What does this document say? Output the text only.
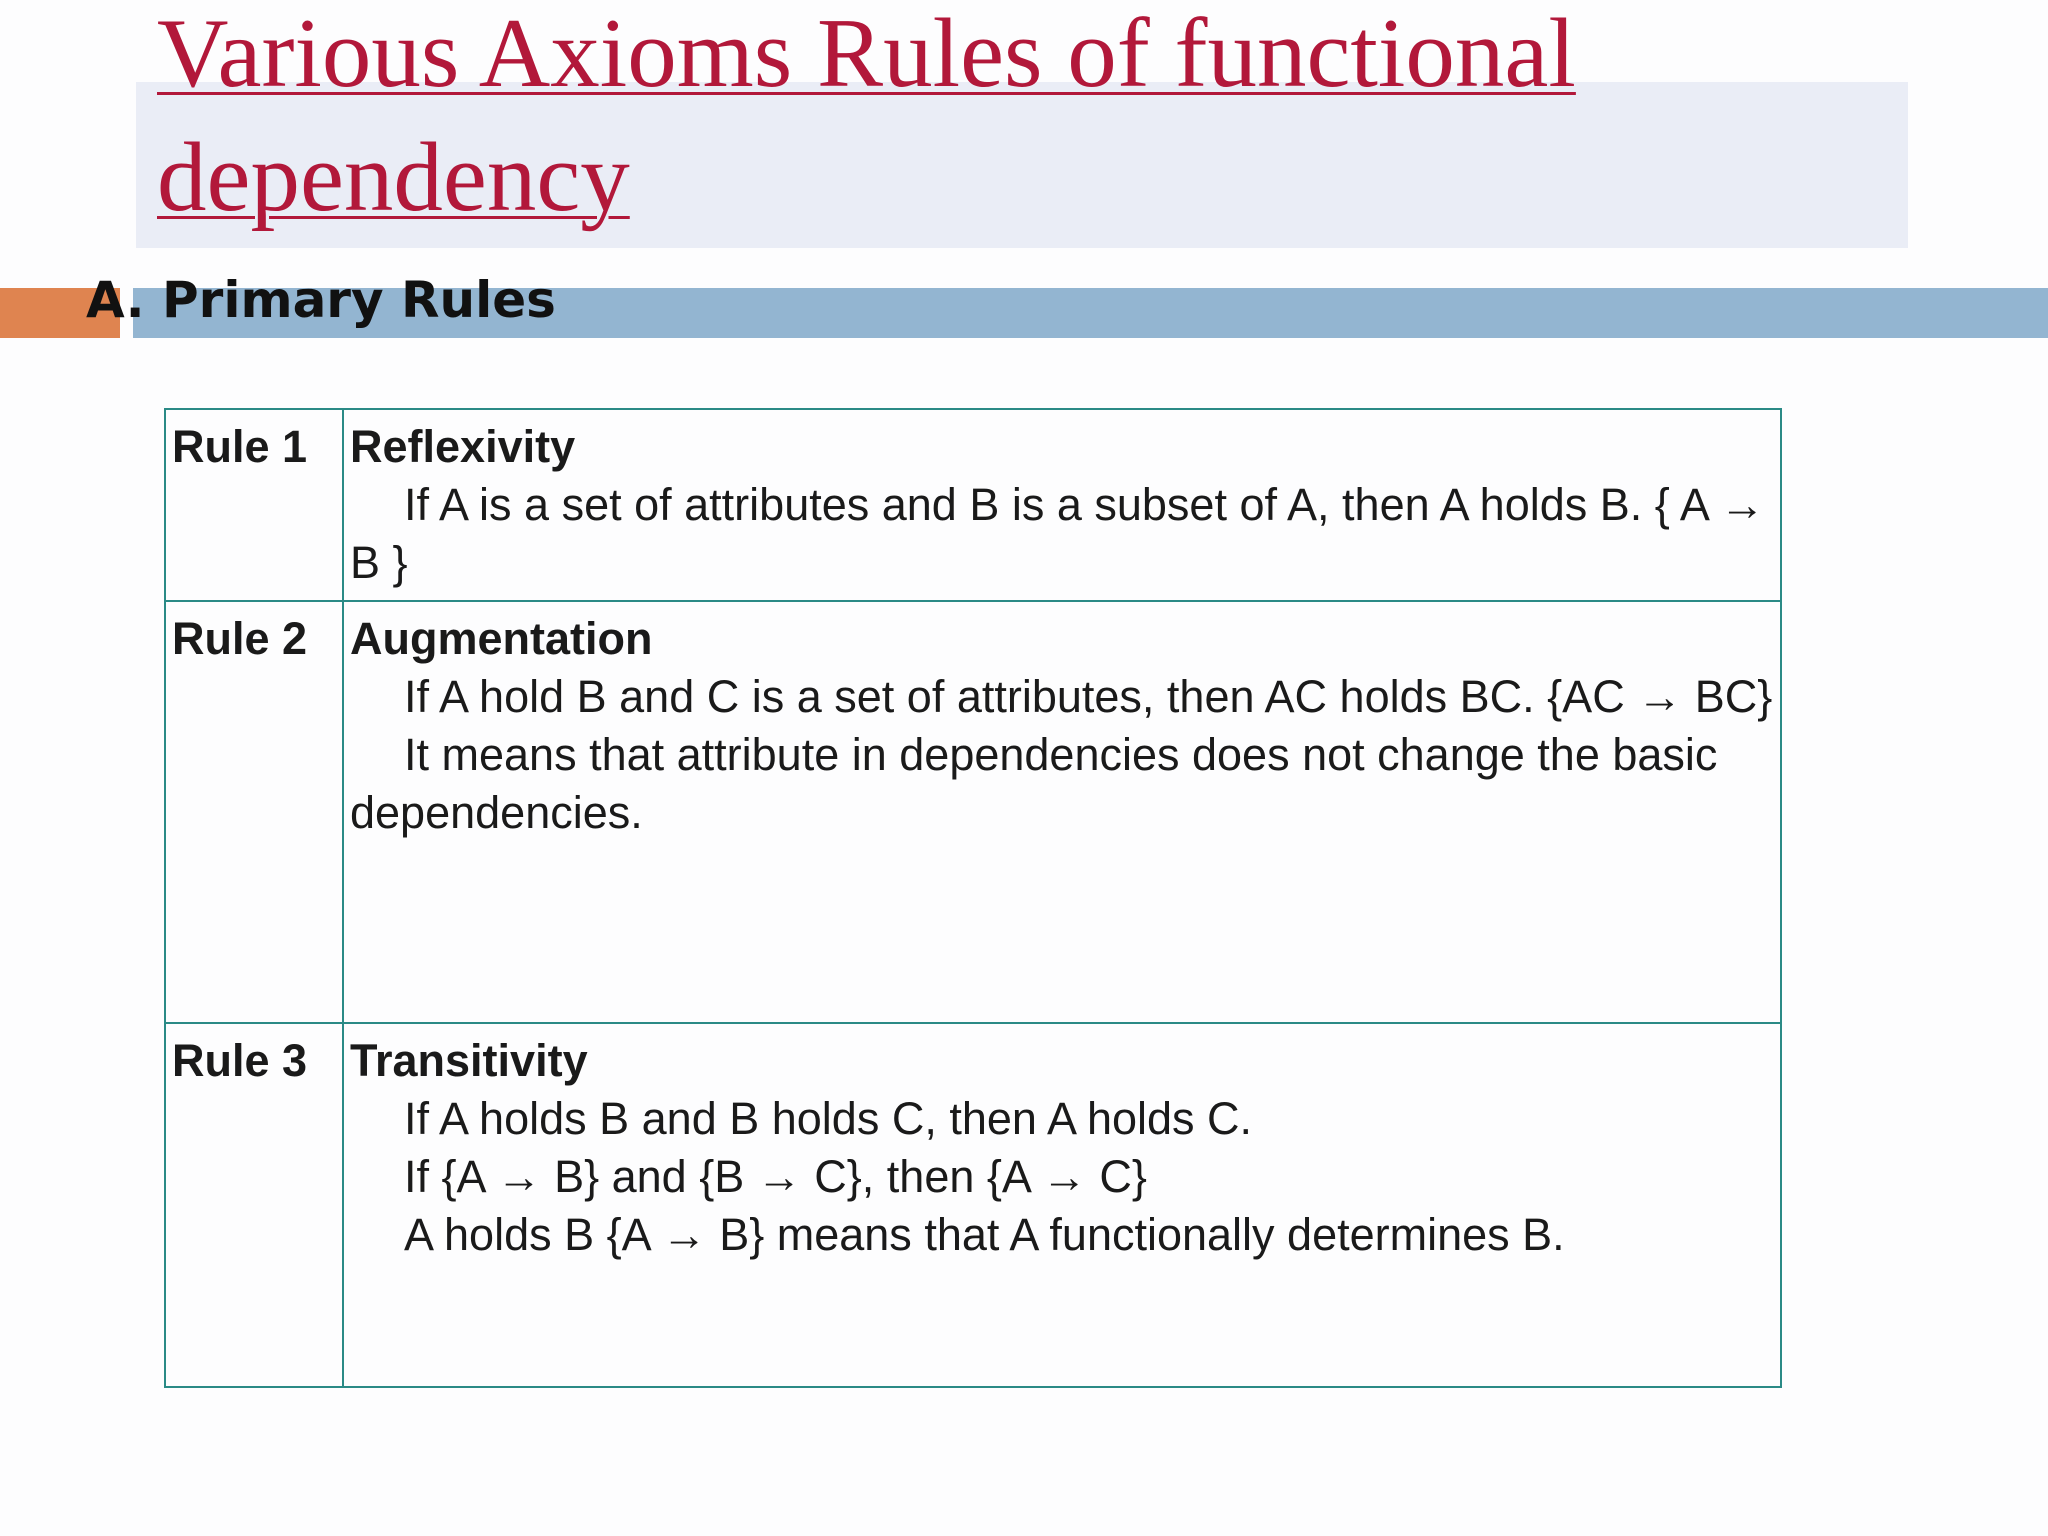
Various Axioms Rules of functional dependency
A. Primary Rules
Rule 1	Reflexivity
If A is a set of attributes and B is a subset of A, then A holds B. { A → B }

Rule 2	Augmentation
If A hold B and C is a set of attributes, then AC holds BC. {AC → BC}
It means that attribute in dependencies does not change the basic dependencies.

Rule 3	Transitivity
If A holds B and B holds C, then A holds C.
If {A → B} and {B → C}, then {A → C}
A holds B {A → B} means that A functionally determines B.
